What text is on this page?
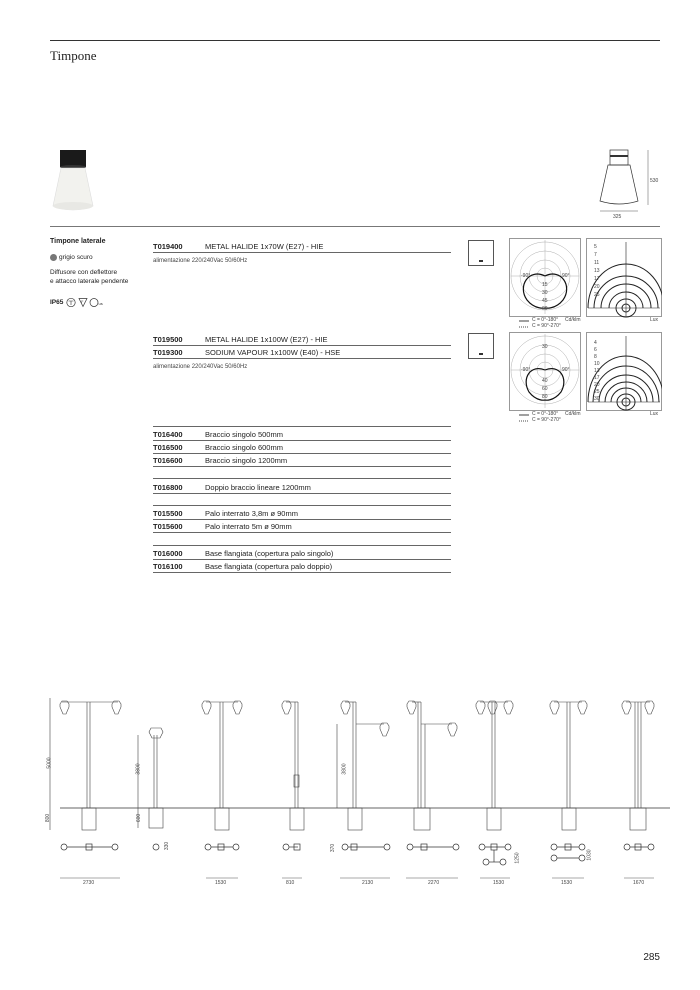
Timpone
530
325
Timpone laterale
grigio scuro
Diffusore con deflettore
e attacco laterale pendente
IP65	F	us
T019400	METAL HALIDE 1x70W (E27) - HIE
alimentazione 220/240Vac 50/60Hz
-90°	90°
15
30
45
60
C = 0°-180°
C = 90°-270°
Cd/klm
5
7
11
13
17
20
25
Lux
T019500	METAL HALIDE 1x100W (E27) - HIE
T019300	SODIUM VAPOUR 1x100W (E40) - HSE
alimentazione 220/240Vac 50/60Hz	-90°	90°
30
40
60
80
C = 0°-180°
C = 90°-270°
Cd/klm
4
6
8
10
13
17
20
25
30
Lux
T016400	Braccio singolo 500mm
T016500	Braccio singolo 600mm
T016600	Braccio singolo 1200mm
T016800	Doppio braccio lineare 1200mm
T015500	Palo interrato 3,8m ø 90mm
T015600	Palo interrato 5m ø 90mm
T016000	Base flangiata (copertura palo singolo)
T016100	Base flangiata (copertura palo doppio)
5000
800
3800
600
3800
330	370
1250	1030
2730	1530	810	2130	2270	1530	1530	1670
285
